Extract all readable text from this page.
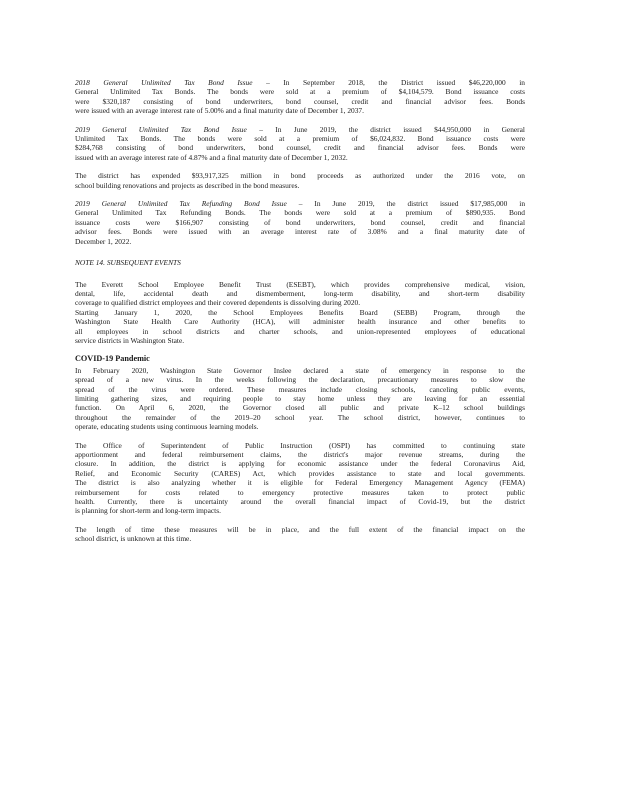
2018 General Unlimited Tax Bond Issue – In September 2018, the District issued $46,220,000 in
General Unlimited Tax Bonds. The bonds were sold at a premium of $4,104,579. Bond issuance costs
were $320,187 consisting of bond underwriters, bond counsel, credit and financial advisor fees. Bonds
were issued with an average interest rate of 5.00% and a final maturity date of December 1, 2037.
2019 General Unlimited Tax Bond Issue – In June 2019, the district issued $44,950,000 in General
Unlimited Tax Bonds. The bonds were sold at a premium of $6,024,832. Bond issuance costs were
$284,768 consisting of bond underwriters, bond counsel, credit and financial advisor fees. Bonds were
issued with an average interest rate of 4.87% and a final maturity date of December 1, 2032.
The district has expended $93,917,325 million in bond proceeds as authorized under the 2016 vote, on
school building renovations and projects as described in the bond measures.
2019 General Unlimited Tax Refunding Bond Issue – In June 2019, the district issued $17,985,000 in
General Unlimited Tax Refunding Bonds. The bonds were sold at a premium of $890,935. Bond
issuance costs were $166,907 consisting of bond underwriters, bond counsel, credit and financial
advisor fees. Bonds were issued with an average interest rate of 3.08% and a final maturity date of
December 1, 2022.
NOTE 14. SUBSEQUENT EVENTS
The Everett School Employee Benefit Trust (ESEBT), which provides comprehensive medical, vision,
dental, life, accidental death and dismemberment, long-term disability, and short-term disability
coverage to qualified district employees and their covered dependents is dissolving during 2020.
Starting January 1, 2020, the School Employees Benefits Board (SEBB) Program, through the
Washington State Health Care Authority (HCA), will administer health insurance and other benefits to
all employees in school districts and charter schools, and union-represented employees of educational
service districts in Washington State.
COVID-19 Pandemic
In February 2020, Washington State Governor Inslee declared a state of emergency in response to the
spread of a new virus. In the weeks following the declaration, precautionary measures to slow the
spread of the virus were ordered. These measures include closing schools, canceling public events,
limiting gathering sizes, and requiring people to stay home unless they are leaving for an essential
function. On April 6, 2020, the Governor closed all public and private K–12 school buildings
throughout the remainder of the 2019–20 school year. The school district, however, continues to
operate, educating students using continuous learning models.
The Office of Superintendent of Public Instruction (OSPI) has committed to continuing state
apportionment and federal reimbursement claims, the district's major revenue streams, during the
closure. In addition, the district is applying for economic assistance under the federal Coronavirus Aid,
Relief, and Economic Security (CARES) Act, which provides assistance to state and local governments.
The district is also analyzing whether it is eligible for Federal Emergency Management Agency (FEMA)
reimbursement for costs related to emergency protective measures taken to protect public
health. Currently, there is uncertainty around the overall financial impact of Covid-19, but the district
is planning for short-term and long-term impacts.
The length of time these measures will be in place, and the full extent of the financial impact on the
school district, is unknown at this time.
